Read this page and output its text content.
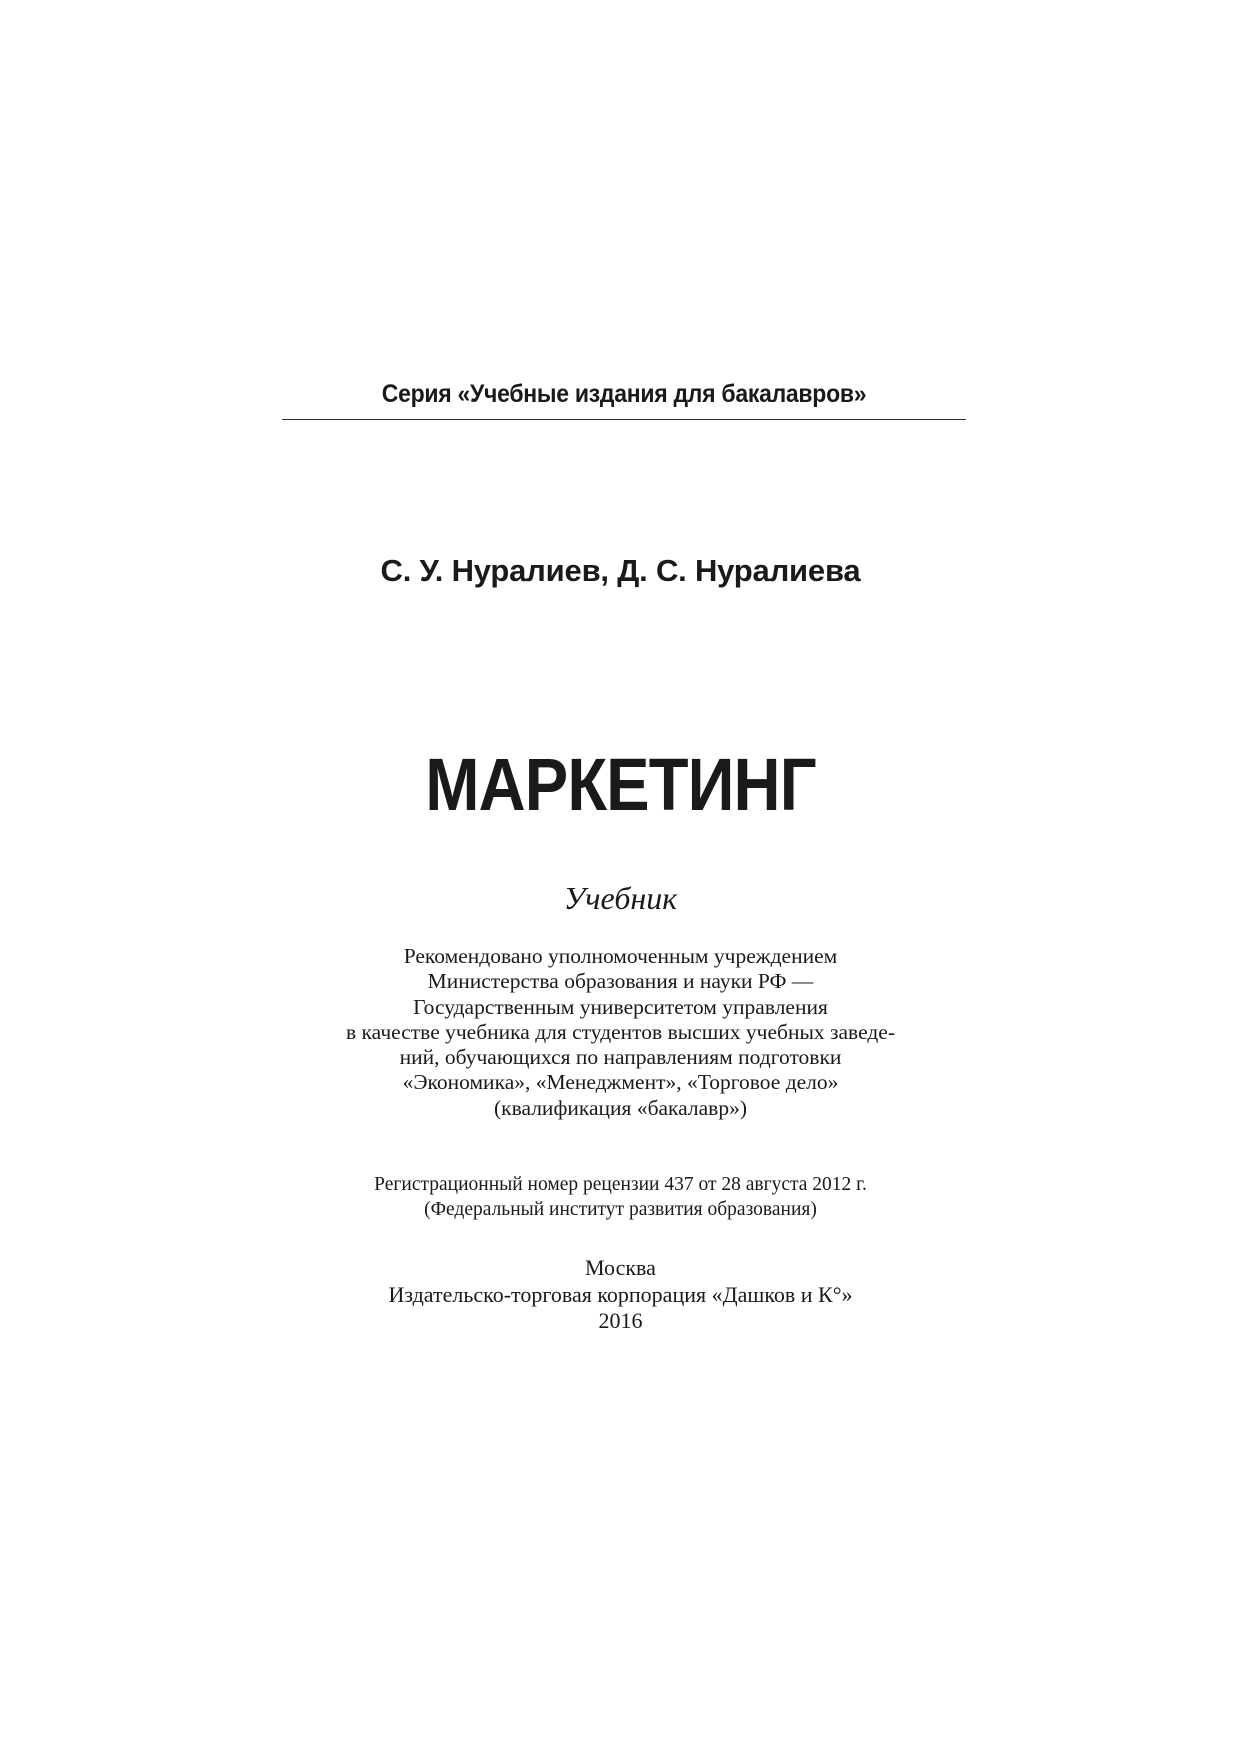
Серия «Учебные издания для бакалавров»
С. У. Нуралиев, Д. С. Нуралиева
МАРКЕТИНГ
Учебник
Рекомендовано уполномоченным учреждением
Министерства образования и науки РФ —
Государственным университетом управления
в качестве учебника для студентов высших учебных заведе-
ний, обучающихся по направлениям подготовки
«Экономика», «Менеджмент», «Торговое дело»
(квалификация «бакалавр»)
Регистрационный номер рецензии 437 от 28 августа 2012 г.
(Федеральный институт развития образования)
Москва
Издательско-торговая корпорация «Дашков и К°»
2016
